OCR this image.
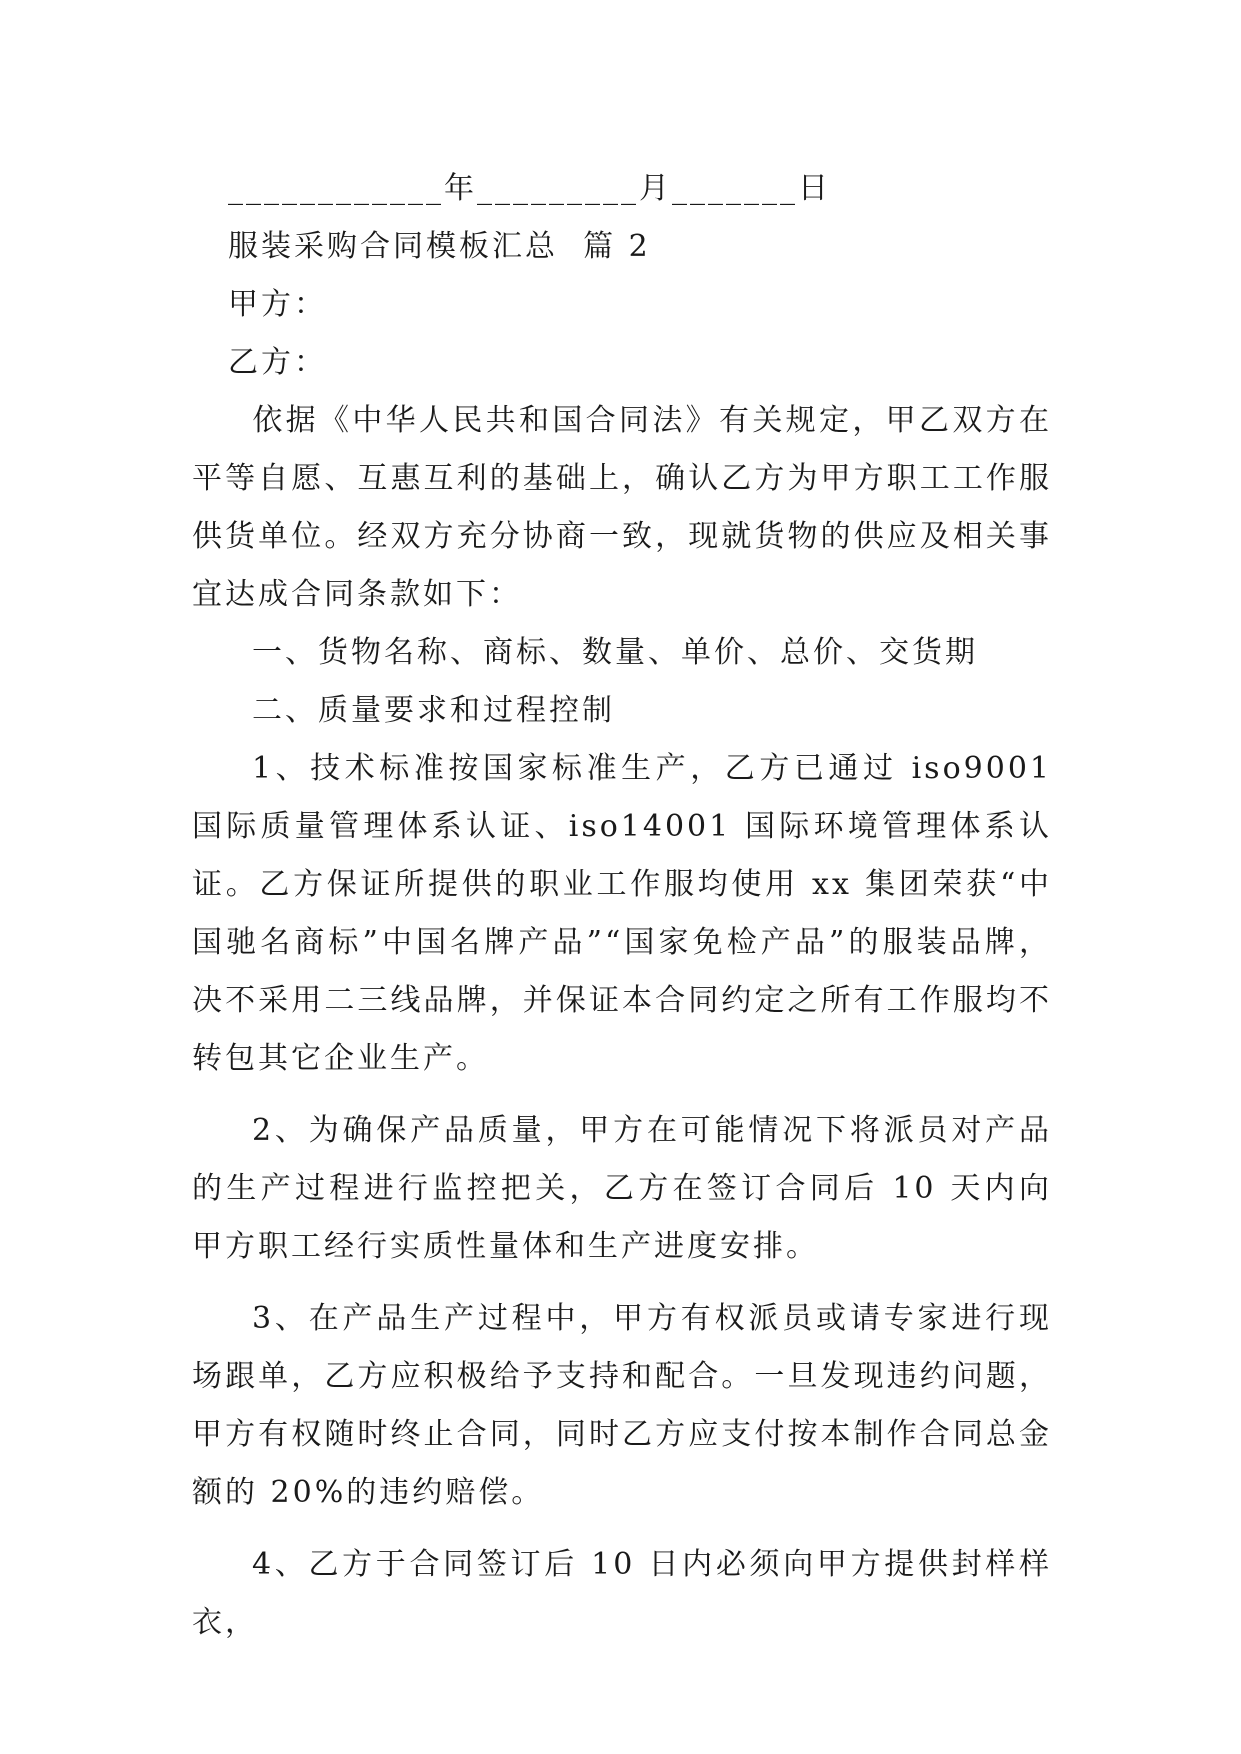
____________年_________月_______日

服装采购合同模板汇总  篇 2

甲方：

乙方：

依据《中华人民共和国合同法》有关规定，甲乙双方在平等自愿、互惠互利的基础上，确认乙方为甲方职工工作服供货单位。经双方充分协商一致，现就货物的供应及相关事宜达成合同条款如下：

一、货物名称、商标、数量、单价、总价、交货期

二、质量要求和过程控制

1、技术标准按国家标准生产，乙方已通过 iso9001 国际质量管理体系认证、iso14001 国际环境管理体系认证。乙方保证所提供的职业工作服均使用 xx 集团荣获“中国驰名商标”中国名牌产品”“国家免检产品”的服装品牌，决不采用二三线品牌，并保证本合同约定之所有工作服均不转包其它企业生产。

2、为确保产品质量，甲方在可能情况下将派员对产品的生产过程进行监控把关，乙方在签订合同后 10 天内向甲方职工经行实质性量体和生产进度安排。

3、在产品生产过程中，甲方有权派员或请专家进行现场跟单，乙方应积极给予支持和配合。一旦发现违约问题，甲方有权随时终止合同，同时乙方应支付按本制作合同总金额的 20%的违约赔偿。

4、乙方于合同签订后 10 日内必须向甲方提供封样样衣，
